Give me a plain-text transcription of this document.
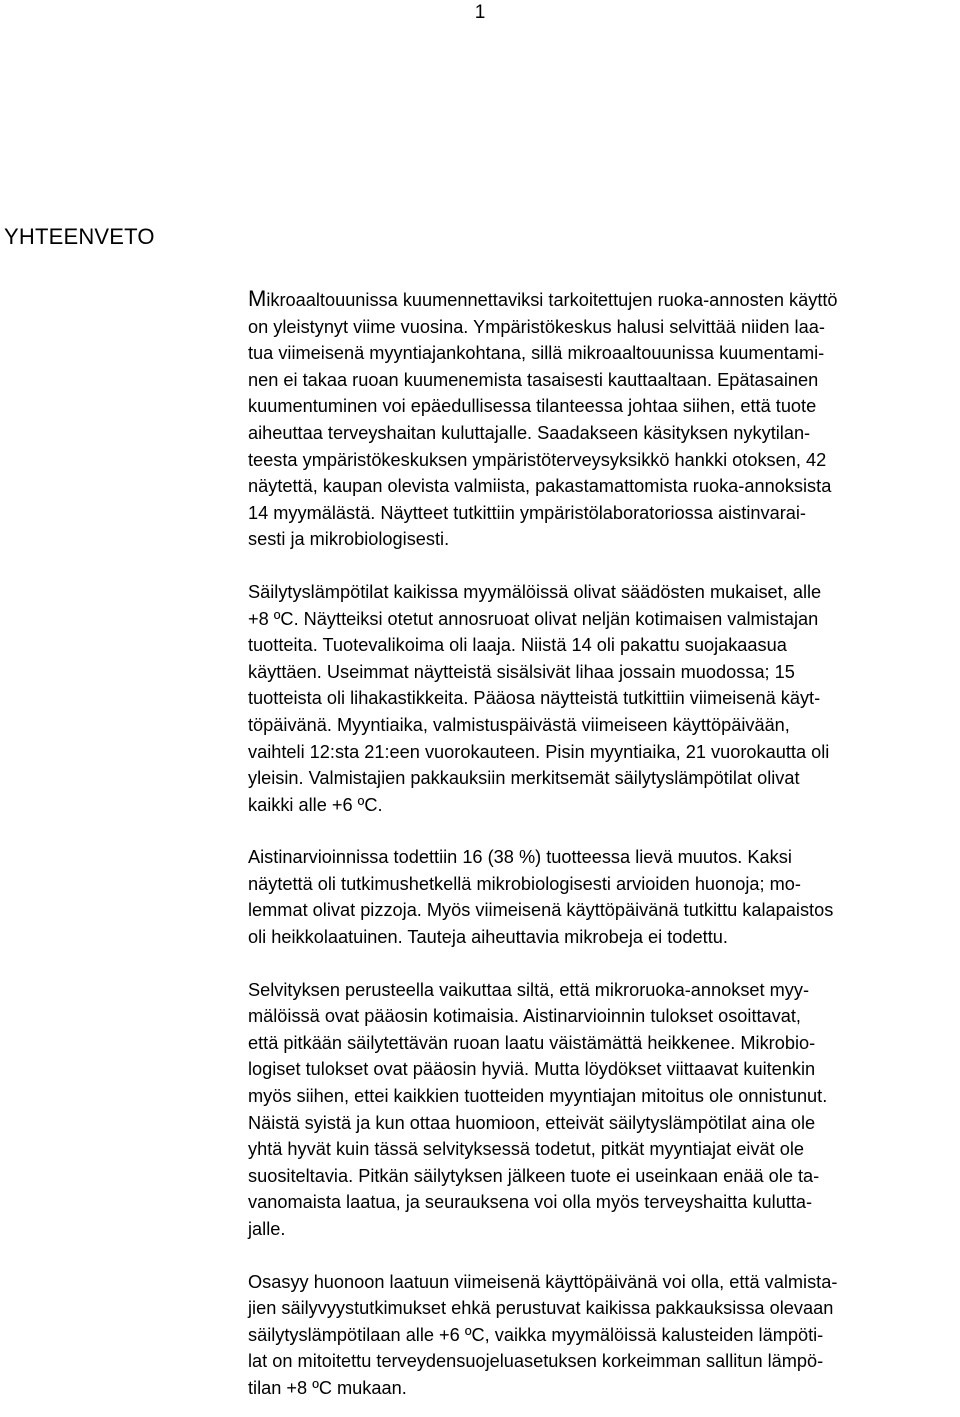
1
YHTEENVETO
Mikroaaltouunissa kuumennettaviksi tarkoitettujen ruoka-annosten käyttö
on yleistynyt viime vuosina. Ympäristökeskus halusi selvittää niiden laa-
tua viimeisenä myyntiajankohtana, sillä mikroaaltouunissa kuumentami-
nen ei takaa ruoan kuumenemista tasaisesti kauttaaltaan. Epätasainen
kuumentuminen voi epäedullisessa tilanteessa johtaa siihen, että tuote
aiheuttaa terveyshaitan kuluttajalle. Saadakseen käsityksen nykytilan-
teesta ympäristökeskuksen ympäristöterveysyksikkö hankki otoksen, 42
näytettä, kaupan olevista valmiista, pakastamattomista ruoka-annoksista
14 myymälästä. Näytteet tutkittiin ympäristölaboratoriossa aistinvarai-
sesti ja mikrobiologisesti.
Säilytyslämpötilat kaikissa myymälöissä olivat säädösten mukaiset, alle
+8 ºC. Näytteiksi otetut annosruoat olivat neljän kotimaisen valmistajan
tuotteita. Tuotevalikoima oli laaja. Niistä 14 oli pakattu suojakaasua
käyttäen. Useimmat näytteistä sisälsivät lihaa jossain muodossa; 15
tuotteista oli lihakastikkeita. Pääosa näytteistä tutkittiin viimeisenä käyt-
töpäivänä. Myyntiaika, valmistuspäivästä viimeiseen käyttöpäivään,
vaihteli 12:sta 21:een vuorokauteen. Pisin myyntiaika, 21 vuorokautta oli
yleisin. Valmistajien pakkauksiin merkitsemät säilytyslämpötilat olivat
kaikki alle +6 ºC.
Aistinarvioinnissa todettiin 16 (38 %) tuotteessa lievä muutos. Kaksi
näytettä oli tutkimushetkellä mikrobiologisesti arvioiden huonoja; mo-
lemmat olivat pizzoja. Myös viimeisenä käyttöpäivänä tutkittu kalapaistos
oli heikkolaatuinen. Tauteja aiheuttavia mikrobeja ei todettu.
Selvityksen perusteella vaikuttaa siltä, että mikroruoka-annokset myy-
mälöissä ovat pääosin kotimaisia. Aistinarvioinnin tulokset osoittavat,
että pitkään säilytettävän ruoan laatu väistämättä heikkenee. Mikrobio-
logiset tulokset ovat pääosin hyviä. Mutta löydökset viittaavat kuitenkin
myös siihen, ettei kaikkien tuotteiden myyntiajan mitoitus ole onnistunut.
Näistä syistä ja kun ottaa huomioon, etteivät säilytyslämpötilat aina ole
yhtä hyvät kuin tässä selvityksessä todetut, pitkät myyntiajat eivät ole
suositeltavia. Pitkän säilytyksen jälkeen tuote ei useinkaan enää ole ta-
vanomaista laatua, ja seurauksena voi olla myös terveyshaitta kulutta-
jalle.
Osasyy huonoon laatuun viimeisenä käyttöpäivänä voi olla, että valmista-
jien säilyvyystutkimukset ehkä perustuvat kaikissa pakkauksissa olevaan
säilytyslämpötilaan alle +6 ºC, vaikka myymälöissä kalusteiden lämpöti-
lat on mitoitettu terveydensuojeluasetuksen korkeimman sallitun lämpö-
tilan +8 ºC mukaan.
